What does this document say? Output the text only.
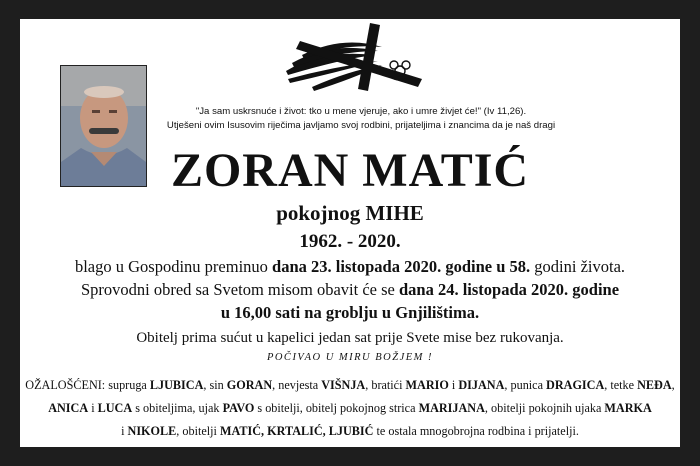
"Ja sam uskrsnuće i život: tko u mene vjeruje, ako i umre živjet će!" (Iv 11,26).
Utješeni ovim Isusovim riječima javljamo svoj rodbini, prijateljima i znancima da je naš dragi
ZORAN MATIĆ
pokojnog MIHE
1962. - 2020.
blago u Gospodinu preminuo dana 23. listopada 2020. godine u 58. godini života.
Sprovodni obred sa Svetom misom obavit će se dana 24. listopada 2020. godine
u 16,00 sati na groblju u Gnjilištima.
Obitelj prima sućut u kapelici jedan sat prije Svete mise bez rukovanja.
POČIVAO U MIRU BOŽJEM !
OŽALOŠĆENI: supruga LJUBICA, sin GORAN, nevjesta VIŠNJA, bratići MARIO i DIJANA, punica DRAGICA, tetke NEĐA,
ANICA i LUCA s obiteljima, ujak PAVO s obitelji, obitelj pokojnog strica MARIJANA, obitelji pokojnih ujaka MARKA
i NIKOLE, obitelji MATIĆ, KRTALIĆ, LJUBIĆ te ostala mnogobrojna rodbina i prijatelji.
